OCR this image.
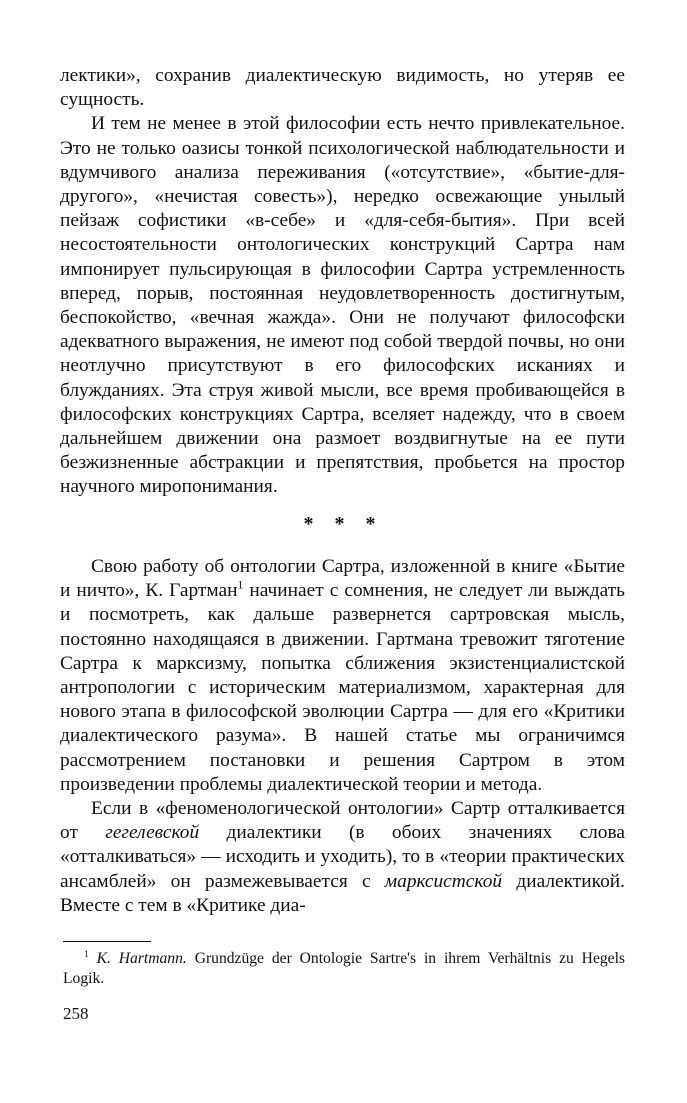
лектики», сохранив диалектическую видимость, но утеряв ее сущность.

И тем не менее в этой философии есть нечто привлекательное. Это не только оазисы тонкой психологической наблюдательности и вдумчивого анализа переживания («отсутствие», «бытие-для-другого», «нечистая совесть»), нередко освежающие унылый пейзаж софистики «в-себе» и «для-себя-бытия». При всей несостоятельности онтологических конструкций Сартра нам импонирует пульсирующая в философии Сартра устремленность вперед, порыв, постоянная неудовлетворенность достигнутым, беспокойство, «вечная жажда». Они не получают философски адекватного выражения, не имеют под собой твердой почвы, но они неотлучно присутствуют в его философских исканиях и блужданиях. Эта струя живой мысли, все время пробивающейся в философских конструкциях Сартра, вселяет надежду, что в своем дальнейшем движении она размоет воздвигнутые на ее пути безжизненные абстракции и препятствия, пробьется на простор научного миропонимания.

* * *

Свою работу об онтологии Сартра, изложенной в книге «Бытие и ничто», К. Гартман$^1$ начинает с сомнения, не следует ли выждать и посмотреть, как дальше развернется сартровская мысль, постоянно находящаяся в движении. Гартмана тревожит тяготение Сартра к марксизму, попытка сближения экзистенциалистской антропологии с историческим материализмом, характерная для нового этапа в философской эволюции Сартра — для его «Критики диалектического разума». В нашей статье мы ограничимся рассмотрением постановки и решения Сартром в этом произведении проблемы диалектической теории и метода.

Если в «феноменологической онтологии» Сартр отталкивается от гегелевской диалектики (в обоих значениях слова «отталкиваться» — исходить и уходить), то в «теории практических ансамблей» он размежевывается с марксистской диалектикой. Вместе с тем в «Критике диа-

$^1$ K. Hartmann. Grundzüge der Ontologie Sartre's in ihrem Verhältnis zu Hegels Logik.
258
